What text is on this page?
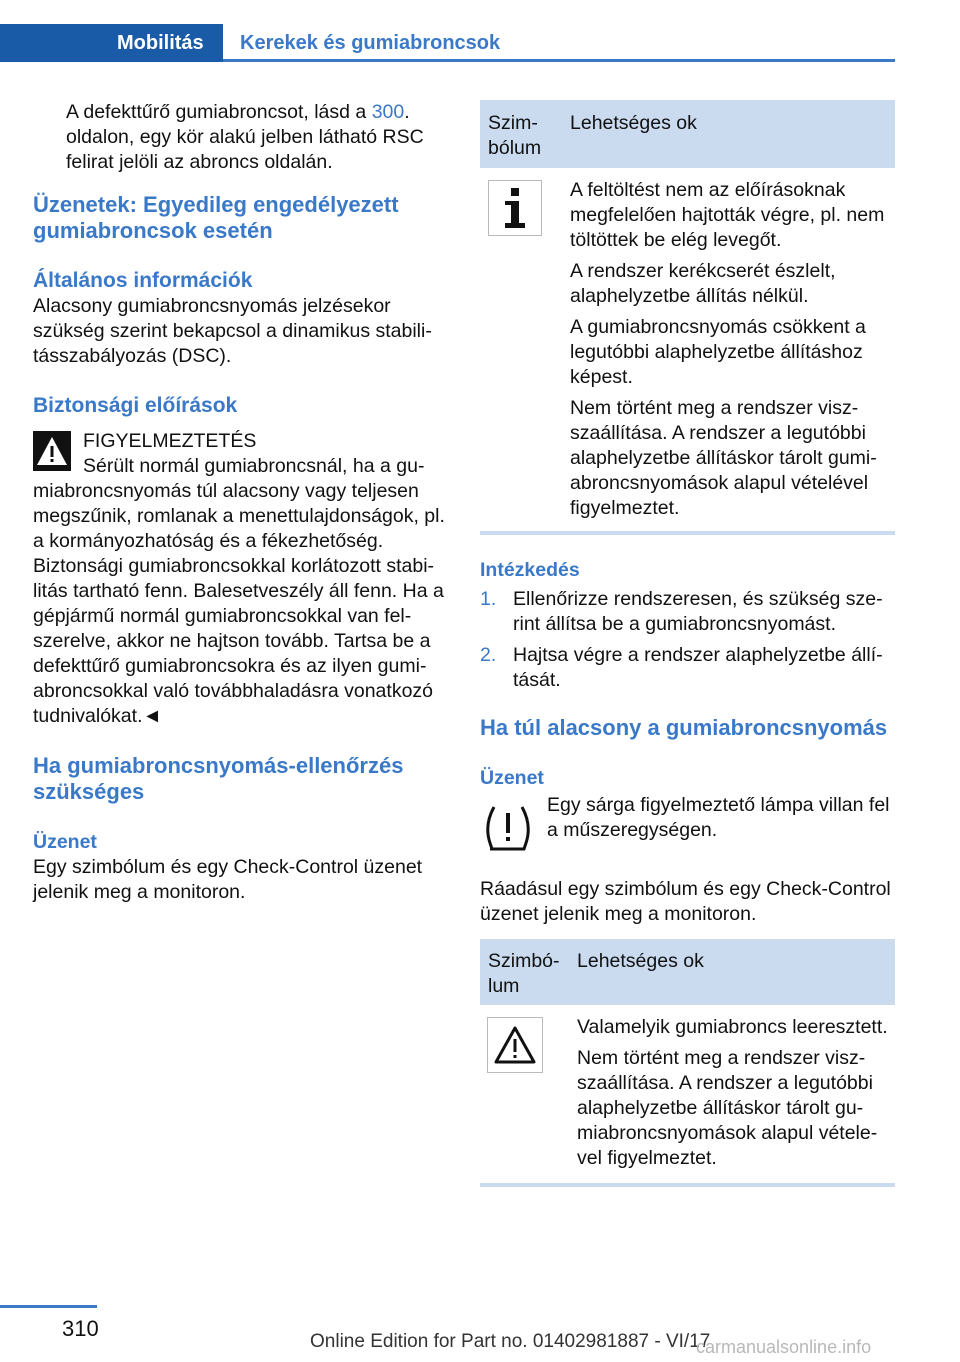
Mobilitás	Kerekek és gumiabroncsok

A defekttűrő gumiabroncsot, lásd a 300. oldalon, egy kör alakú jelben látható RSC felirat jelöli az abroncs oldalán.

Üzenetek: Egyedileg engedélyezett gumiabroncsok esetén
Általános információk

Alacsony gumiabroncsnyomás jelzésekor szükség szerint bekapcsol a dinamikus stabilitásszabályozás (DSC).

Biztonsági előírások

FIGYELMEZTETÉS

Sérült normál gumiabroncsnál, ha a gumiabroncsnyomás túl alacsony vagy teljesen megszűnik, romlanak a menettulajdonságok, pl. a kormányozhatóság és a fékezhetőség. Biztonsági gumiabroncsokkal korlátozott stabilitás tartható fenn. Balesetveszély áll fenn. Ha a gépjármű normál gumiabroncsokkal van felszerelve, akkor ne hajtson tovább. Tartsa be a defekttűrő gumiabroncsokra és az ilyen gumiabroncsokkal való továbbhaladásra vonatkozó tudnivalókat.◄

Ha gumiabroncsnyomás-ellenőrzés szükséges
Üzenet

Egy szimbólum és egy Check-Control üzenet jelenik meg a monitoron.

Szimbólum
Lehetséges ok

A feltöltést nem az előírásoknak megfelelően hajtották végre, pl. nem töltöttek be elég levegőt.

A rendszer kerékcserét észlelt, alaphelyzetbe állítás nélkül.

A gumiabroncsnyomás csökkent a legutóbbi alaphelyzetbe állításhoz képest.

Nem történt meg a rendszer viszszaállítása. A rendszer a legutóbbi alaphelyzetbe állításkor tárolt gumiabroncsnyomások alapul vételével figyelmeztet.

Intézkedés
1. Ellenőrizze rendszeresen, és szükség szerint állítsa be a gumiabroncsnyomást.
2. Hajtsa végre a rendszer alaphelyzetbe állítását.
Ha túl alacsony a gumiabroncsnyomás
Üzenet

Egy sárga figyelmeztető lámpa villan fel a műszeregységen.

Ráadásul egy szimbólum és egy Check-Control üzenet jelenik meg a monitoron.

Szimbólum
Lehetséges ok

Valamelyik gumiabroncs leeresztett.

Nem történt meg a rendszer viszszaállítása. A rendszer a legutóbbi alaphelyzetbe állításkor tárolt gumiabroncsnyomások alapul vételevel figyelmeztet.

310
Online Edition for Part no. 01402981887 - VI/17
carmanualsonline.info
